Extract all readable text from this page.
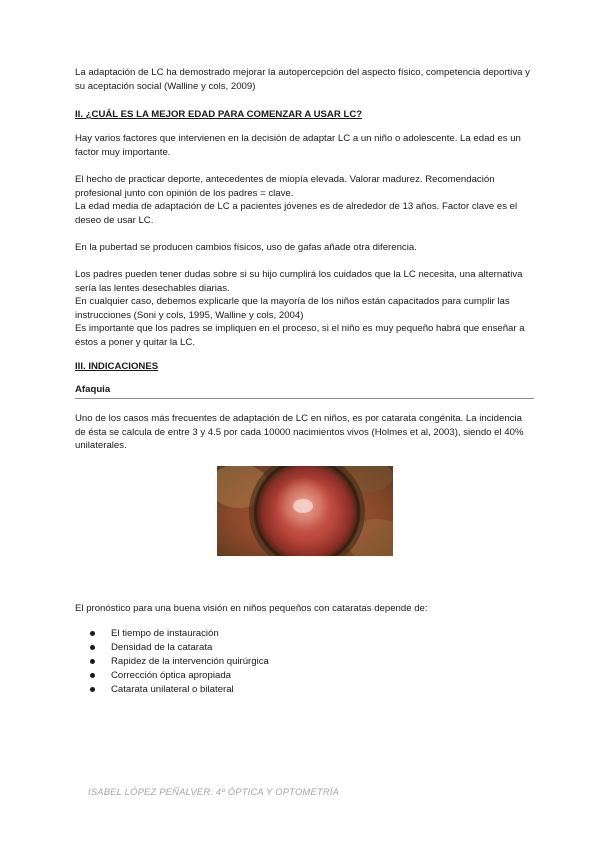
La adaptación de LC ha demostrado mejorar la autopercepción del aspecto físico, competencia deportiva y su aceptación social (Walline y cols, 2009)

II. ¿CUÁL ES LA MEJOR EDAD PARA COMENZAR A USAR LC?

Hay varios factores que intervienen en la decisión de adaptar LC a un niño o adolescente. La edad es un factor muy importante.

El hecho de practicar deporte, antecedentes de miopía elevada. Valorar madurez. Recomendación profesional junto con opinión de los padres = clave.

La edad media de adaptación de LC a pacientes jóvenes es de alrededor de 13 años. Factor clave es el deseo de usar LC.

En la pubertad se producen cambios físicos, uso de gafas añade otra diferencia.

Los padres pueden tener dudas sobre si su hijo cumplirá los cuidados que la LC necesita, una alternativa sería las lentes desechables diarias.

En cualquier caso, debemos explicarle que la mayoría de los niños están capacitados para cumplir las instrucciones (Soni y cols, 1995, Walline y cols, 2004)

Es importante que los padres se impliquen en el proceso, si el niño es muy pequeño habrá que enseñar a éstos a poner y quitar la LC.

III. INDICACIONES

Afaquia

Uno de los casos más frecuentes de adaptación de LC en niños, es por catarata congénita. La incidencia de ésta se calcula de entre 3 y 4.5 por cada 10000 nacimientos vivos (Holmes et al, 2003), siendo el 40% unilaterales.

El pronóstico para una buena visión en niños pequeños con cataratas depende de:

El tiempo de instauración
Densidad de la catarata
Rapidez de la intervención quirúrgica
Corrección óptica apropiada
Catarata unilateral o bilateral
ISABEL LÓPEZ PEÑALVER. 4º ÓPTICA Y OPTOMETRÍA
